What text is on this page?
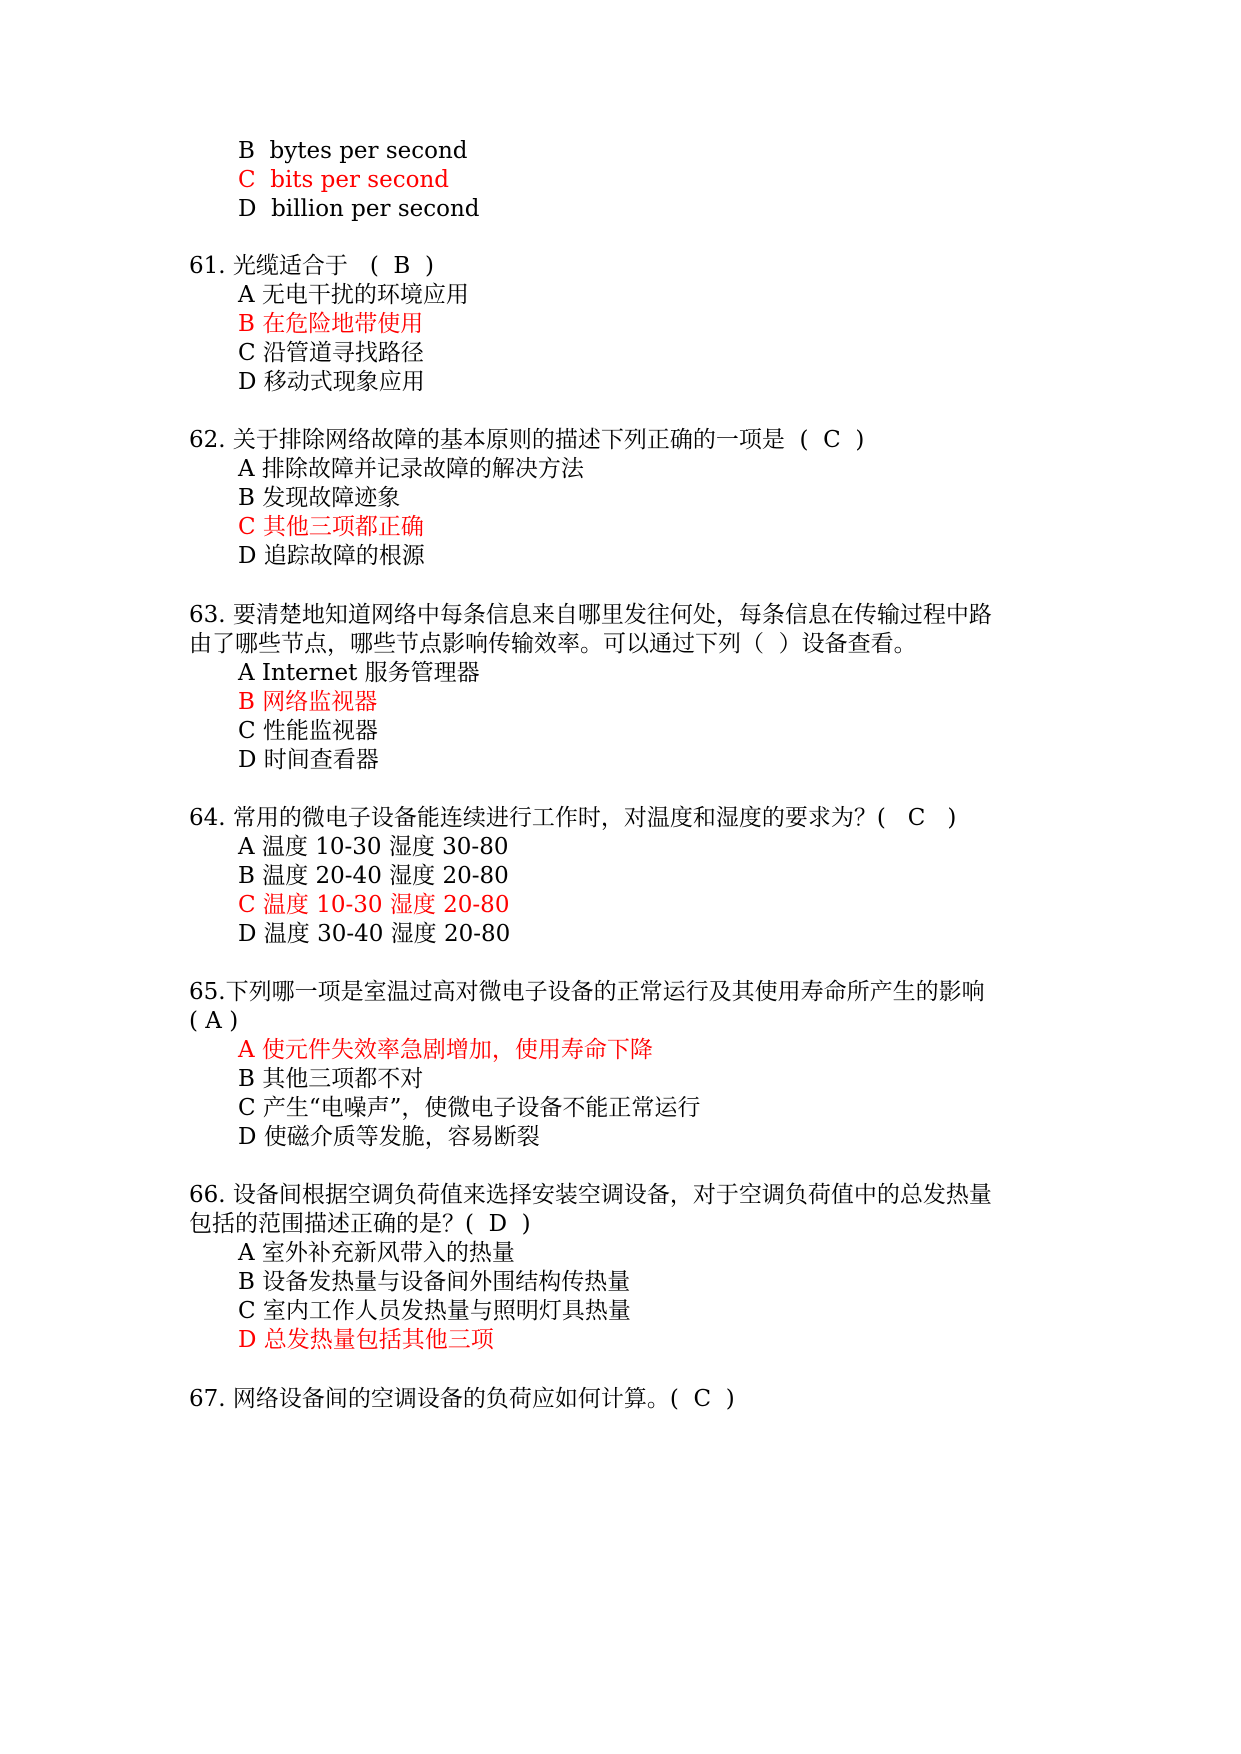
B  bytes per second
C  bits per second
D  billion per second
61. 光缆适合于   (  B  )
A 无电干扰的环境应用
B 在危险地带使用
C 沿管道寻找路径
D 移动式现象应用
62. 关于排除网络故障的基本原则的描述下列正确的一项是  (  C  )
A 排除故障并记录故障的解决方法
B 发现故障迹象
C 其他三项都正确
D 追踪故障的根源
63. 要清楚地知道网络中每条信息来自哪里发往何处，每条信息在传输过程中路
由了哪些节点，哪些节点影响传输效率。可以通过下列（  ）设备查看。
A Internet 服务管理器
B 网络监视器
C 性能监视器
D 时间查看器
64. 常用的微电子设备能连续进行工作时，对温度和湿度的要求为？(   C   )
A 温度 10-30 湿度 30-80
B 温度 20-40 湿度 20-80
C 温度 10-30 湿度 20-80
D 温度 30-40 湿度 20-80
65.下列哪一项是室温过高对微电子设备的正常运行及其使用寿命所产生的影响
( A )
A 使元件失效率急剧增加，使用寿命下降
B 其他三项都不对
C 产生“电噪声”，使微电子设备不能正常运行
D 使磁介质等发脆，容易断裂
66. 设备间根据空调负荷值来选择安装空调设备，对于空调负荷值中的总发热量
包括的范围描述正确的是？(  D  )
A 室外补充新风带入的热量
B 设备发热量与设备间外围结构传热量
C 室内工作人员发热量与照明灯具热量
D 总发热量包括其他三项
67. 网络设备间的空调设备的负荷应如何计算。(  C  )
